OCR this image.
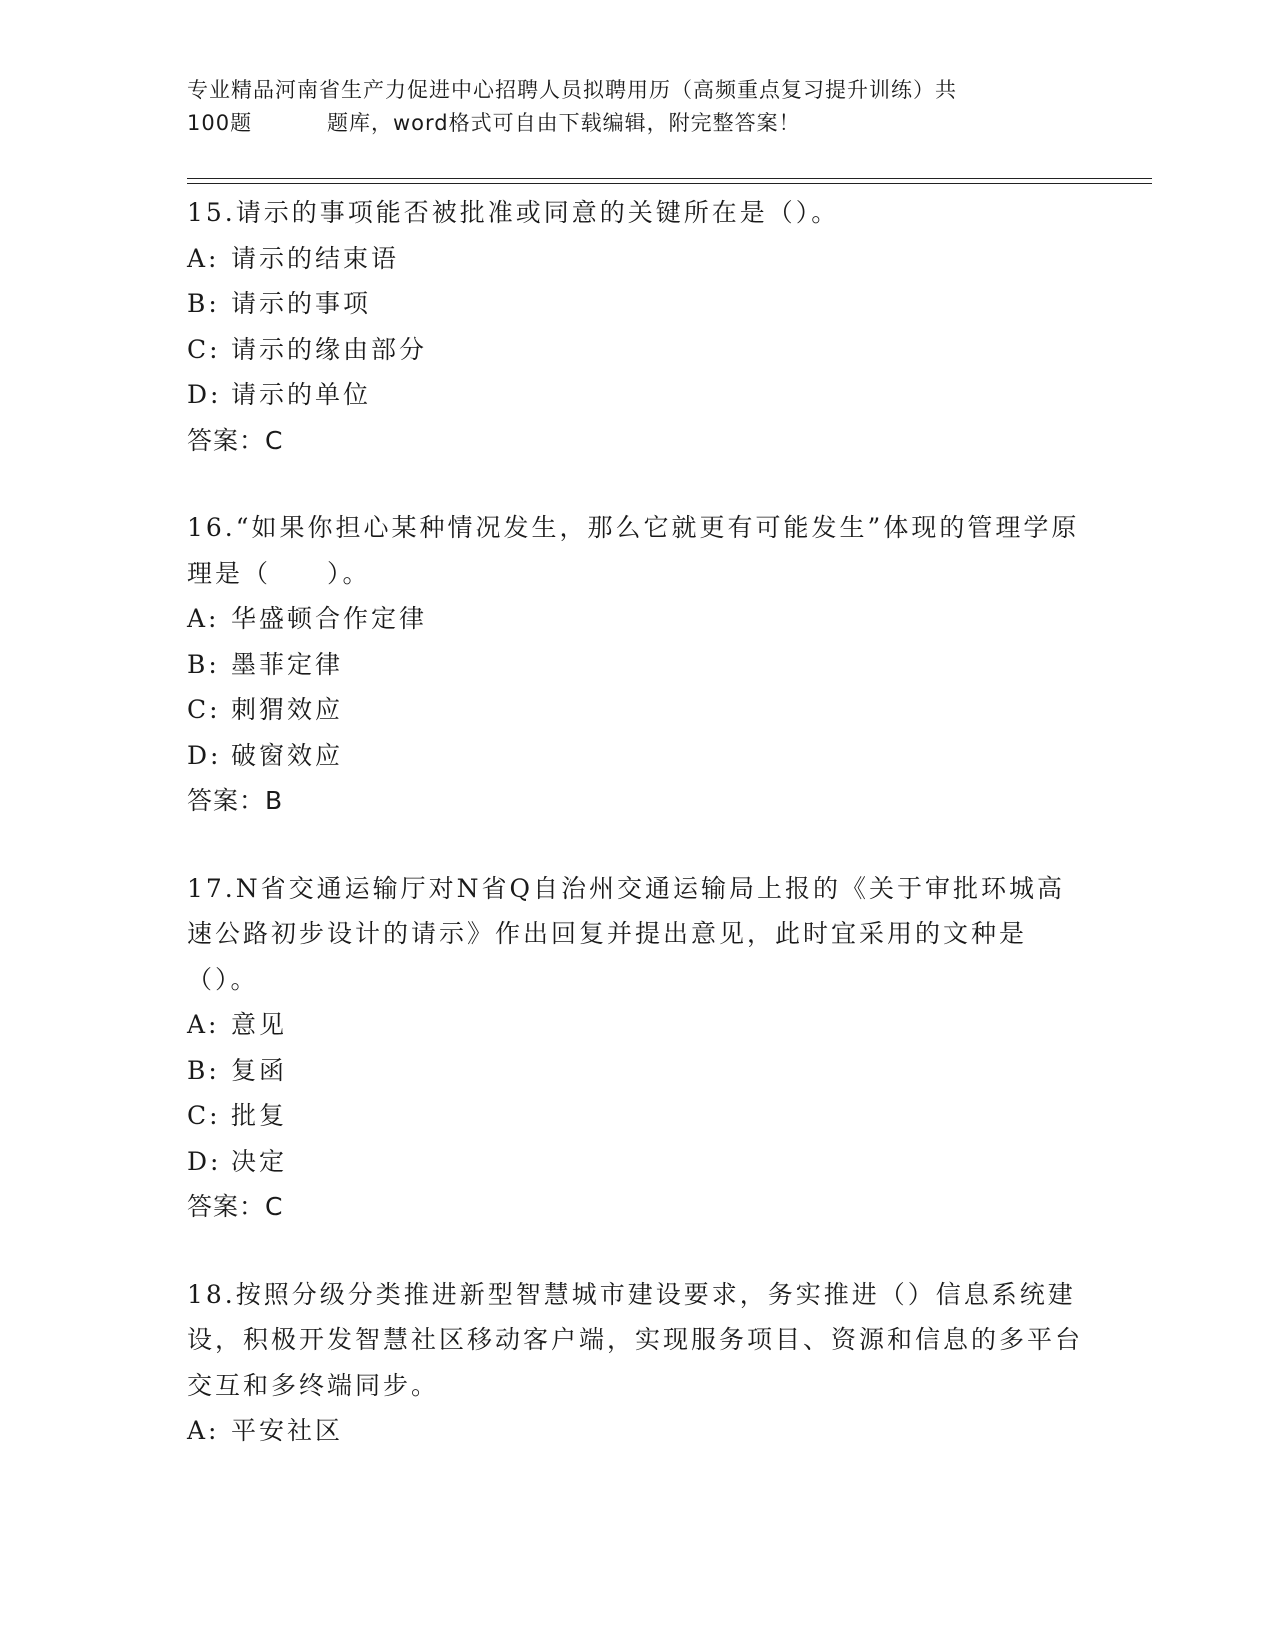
专业精品河南省生产力促进中心招聘人员拟聘用历（高频重点复习提升训练）共
100题	题库，word格式可自由下载编辑，附完整答案！

15.请示的事项能否被批准或同意的关键所在是（）。

A: 请示的结束语

B: 请示的事项

C: 请示的缘由部分

D: 请示的单位

答案：C

16.“如果你担心某种情况发生，那么它就更有可能发生”体现的管理学原理是（　　）。

A: 华盛顿合作定律

B: 墨菲定律

C: 刺猬效应

D: 破窗效应

答案：B

17.N省交通运输厅对N省Q自治州交通运输局上报的《关于审批环城高速公路初步设计的请示》作出回复并提出意见，此时宜采用的文种是（）。

A: 意见

B: 复函

C: 批复

D: 决定

答案：C

18.按照分级分类推进新型智慧城市建设要求，务实推进（）信息系统建设，积极开发智慧社区移动客户端，实现服务项目、资源和信息的多平台交互和多终端同步。

A: 平安社区
